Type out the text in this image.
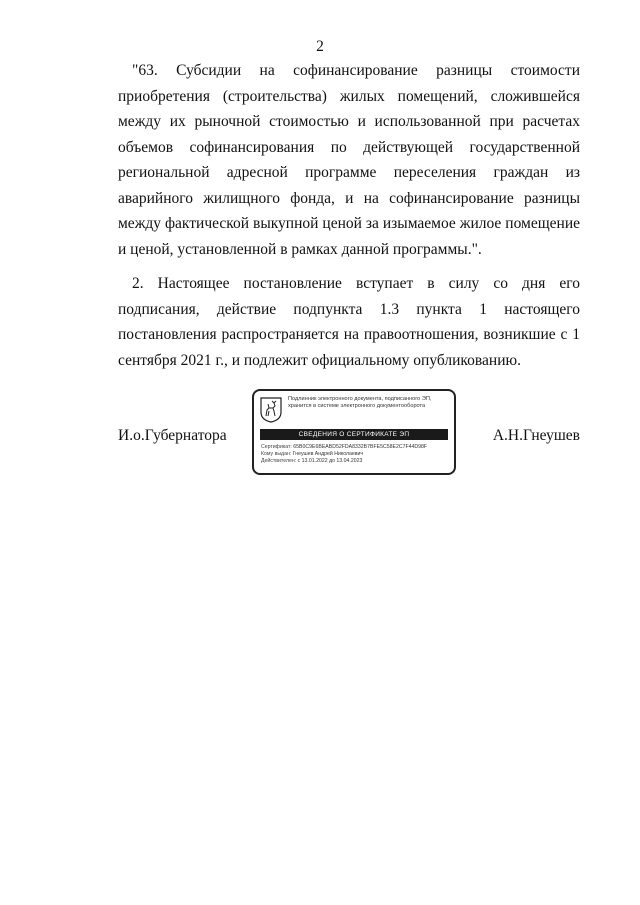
2

"63. Субсидии на софинансирование разницы стоимости приобретения (строительства) жилых помещений, сложившейся между их рыночной стоимостью и использованной при расчетах объемов софинансирования по действующей государственной региональной адресной программе переселения граждан из аварийного жилищного фонда, и на софинансирование разницы между фактической выкупной ценой за изымаемое жилое помещение и ценой, установленной в рамках данной программы.".

2. Настоящее постановление вступает в силу со дня его подписания, действие подпункта 1.3 пункта 1 настоящего постановления распространяется на правоотношения, возникшие с 1 сентября 2021 г., и подлежит официальному опубликованию.

И.о.Губернатора
Подлинник электронного документа, подписанного ЭП,
хранится в системе электронного документооборота
СВЕДЕНИЯ О СЕРТИФИКАТЕ ЭП
Сертификат: 65B0C9E6BEABD52FDA8332B7BFE5C58E2C7F44D98F
Кому выдан: Гнеушев Андрей Николаевич
Действителен: с 13.01.2022 до 13.04.2023
А.Н.Гнеушев
